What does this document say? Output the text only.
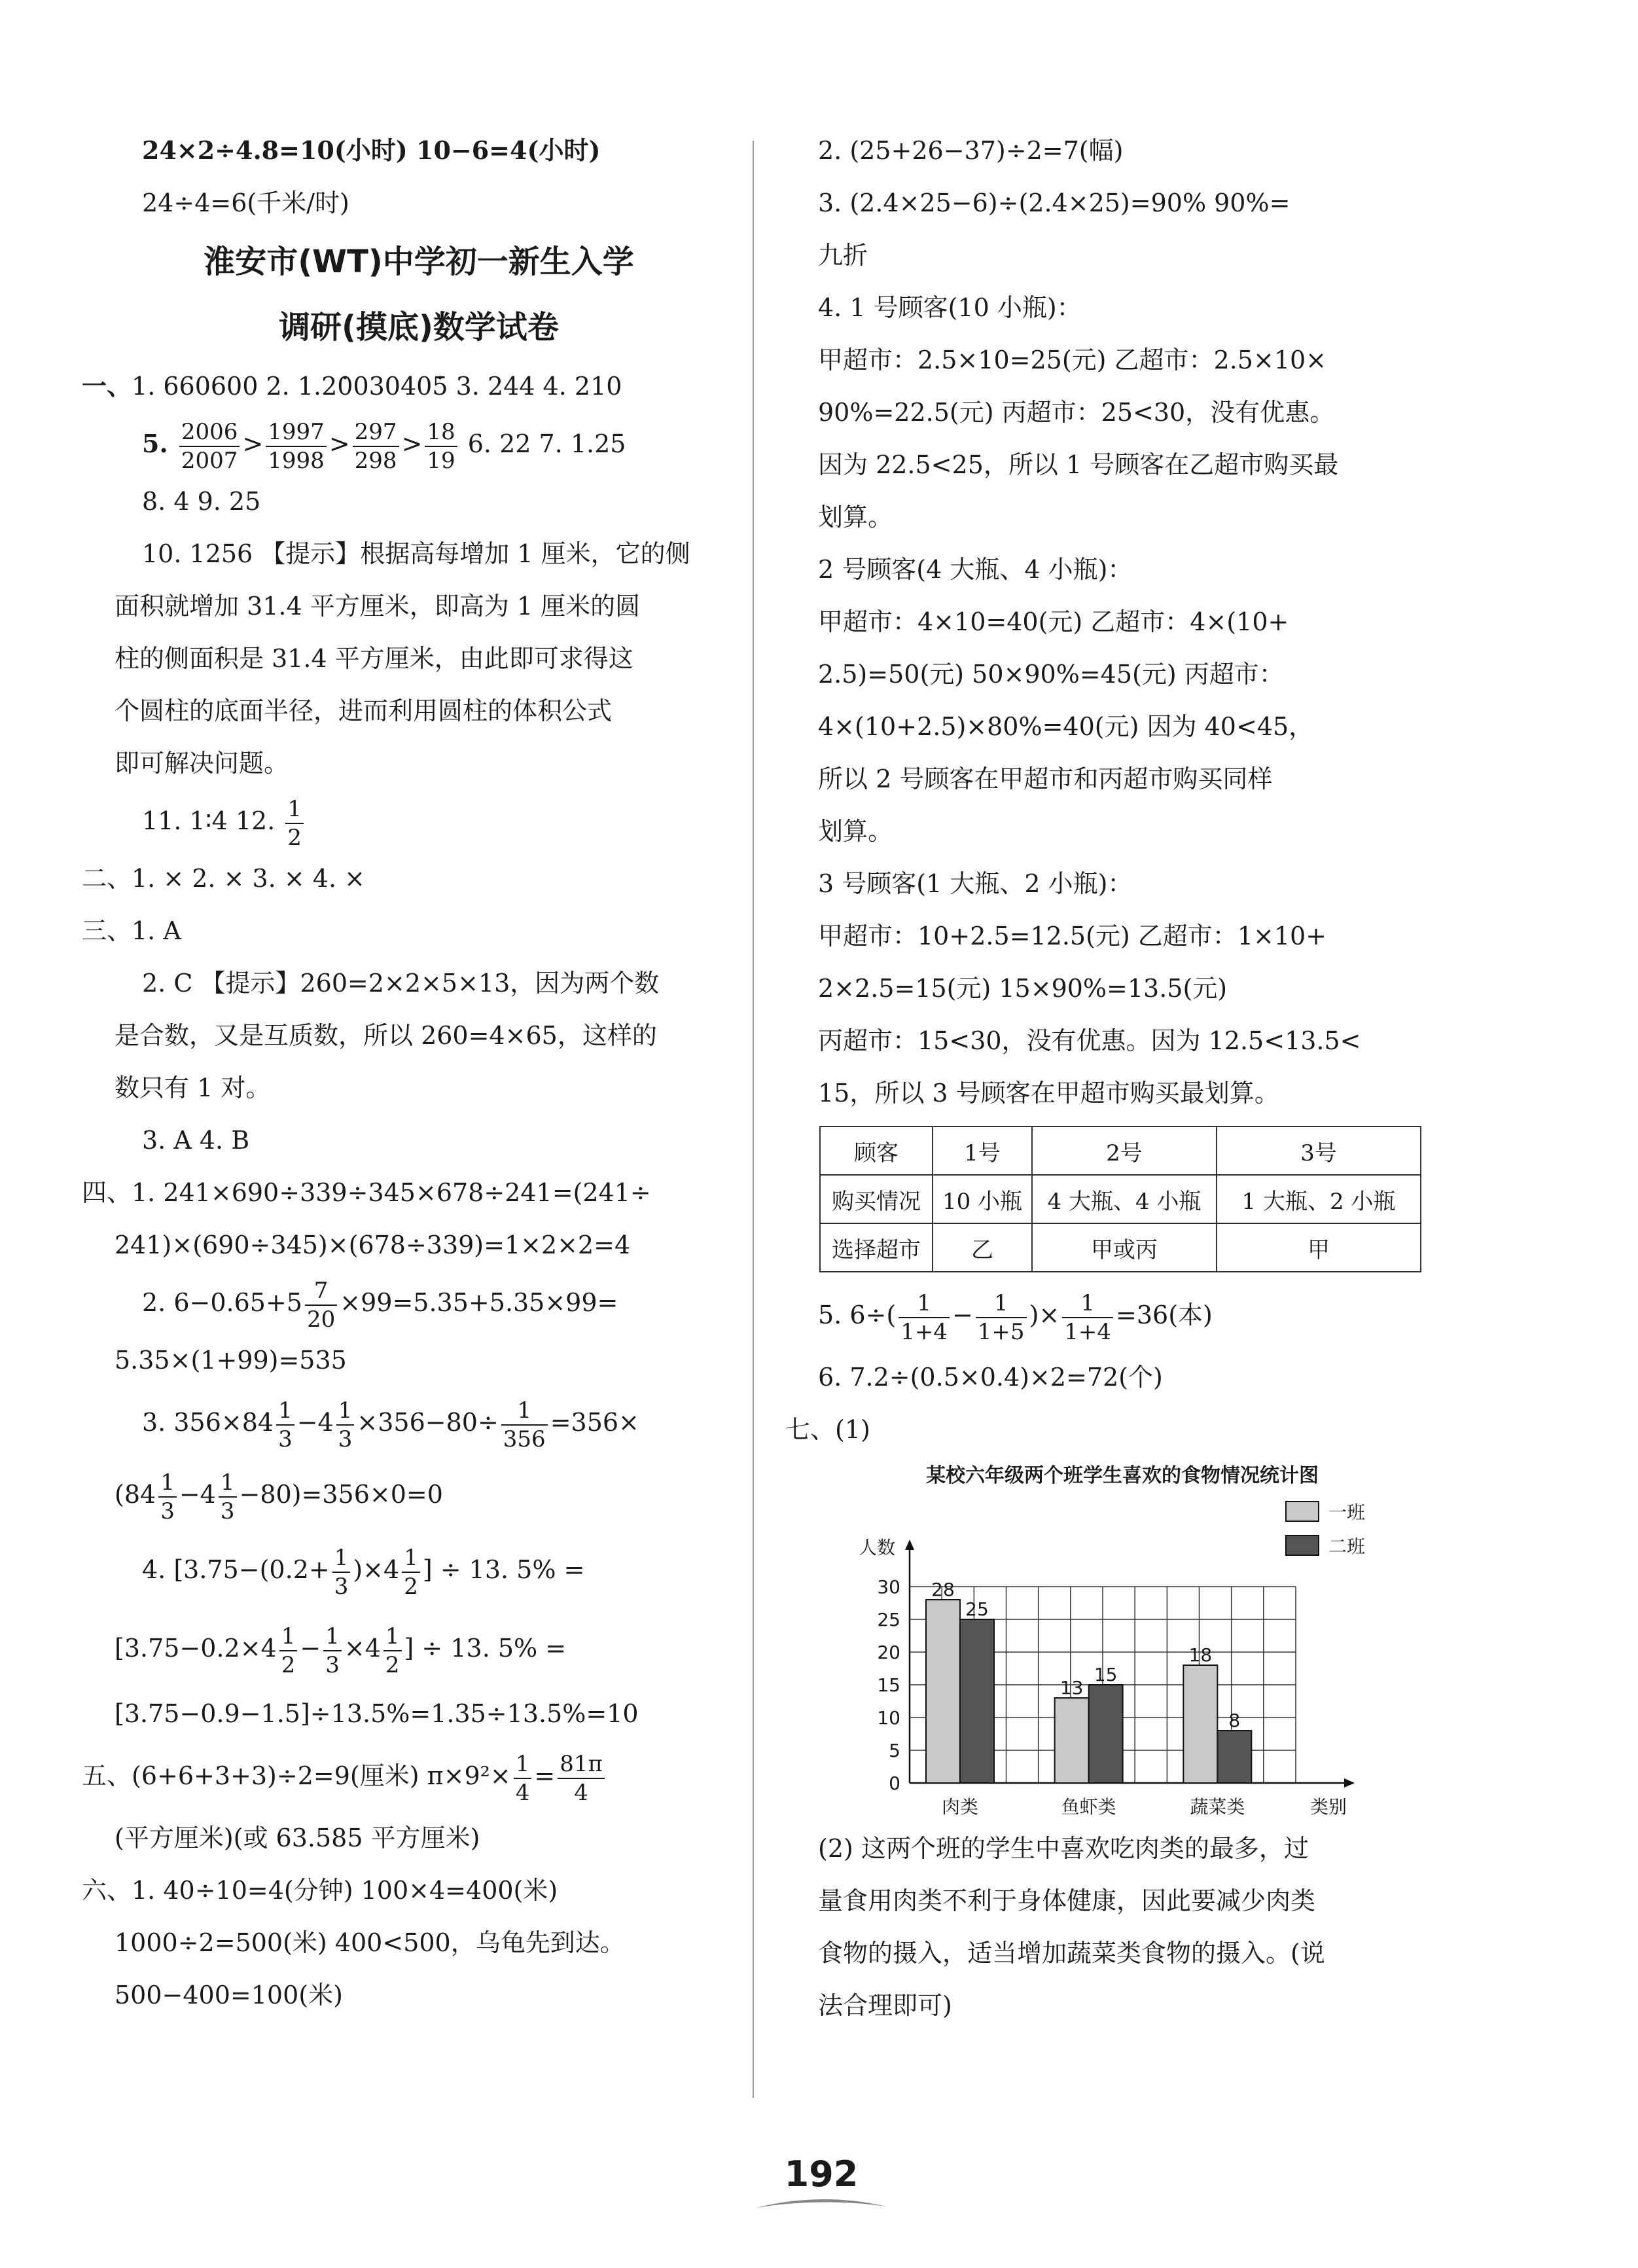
24×2÷4.8=10(小时) 10−6=4(小时)
24÷4=6(千米/时)
淮安市(WT)中学初一新生入学
调研(摸底)数学试卷
一、1. 660600 2. 1.20 ·030405 · 3. 244 4. 210
5. $\frac{2006}{2007} > \frac{1997}{1998} > \frac{297}{298} > \frac{18}{19} 6$. 22 7. 1.25
8. 4 9. 25
10. 1256 【提示】根据高每增加 1 厘米，它的侧
面积就增加 31.4 平方厘米，即高为 1 厘米的圆
柱的侧面积是 31.4 平方厘米，由此即可求得这
个圆柱的底面半径，进而利用圆柱的体积公式
即可解决问题。
11. 1∶4 12. $\frac{1}{2}$
二、1. × 2. × 3. × 4. ×
三、1. A
2. C 【提示】260=2×2×5×13，因为两个数
是合数，又是互质数，所以 260=4×65，这样的
数只有 1 对。
3. A 4. B
四、1. 241×690÷339÷345×678÷241=(241÷
241)×(690÷345)×(678÷339)=1×2×2=4
2. $6-0.65+5 \frac{7}{20} \times 99=5.35+5.35\times 99=$
5.35×(1+99)=535
3. $356\times 84 \frac{1}{3} -4 \frac{1}{3} \times 356-80\div \frac{1}{356} =356\times$
$(84 \frac{1}{3} -4 \frac{1}{3} -80)=356\times 0=0$
4. [$3.75-(0.2+ \frac{1}{3} )\times 4 \frac{1}{2}$ ] ÷ 13. 5% =
[$3.75-0.2\times 4 \frac{1}{2} - \frac{1}{3} \times 4 \frac{1}{2}$ ] ÷ 13. 5% =
[3.75−0.9−1.5]÷13.5%=1.35÷13.5%=10
五、(6+6+3+3)÷2=9(厘米) $\pi\times 9^2\times \frac{1}{4} = \frac{81\pi}{4}$
(平方厘米)(或 63.585 平方厘米)
六、1. 40÷10=4(分钟) 100×4=400(米)
1000÷2=500(米) 400<500，乌龟先到达。
500−400=100(米)
2. (25+26−37)÷2=7(幅)
3. (2.4×25−6)÷(2.4×25)=90% 90%=
九折
4. 1 号顾客(10 小瓶)：
甲超市：2.5×10=25(元) 乙超市：2.5×10×
90%=22.5(元) 丙超市：25<30，没有优惠。
因为 22.5<25，所以 1 号顾客在乙超市购买最
划算。
2 号顾客(4 大瓶、4 小瓶)：
甲超市：4×10=40(元) 乙超市：4×(10+
2.5)=50(元) 50×90%=45(元) 丙超市：
4×(10+2.5)×80%=40(元) 因为 40<45，
所以 2 号顾客在甲超市和丙超市购买同样
划算。
3 号顾客(1 大瓶、2 小瓶)：
甲超市：10+2.5=12.5(元) 乙超市：1×10+
2×2.5=15(元) 15×90%=13.5(元)
丙超市：15<30，没有优惠。因为 12.5<13.5<
15，所以 3 号顾客在甲超市购买最划算。
顾客	1号	2号	3号
购买情况	10 小瓶	4 大瓶、4 小瓶	1 大瓶、2 小瓶
选择超市	乙	甲或丙	甲
5. $6\div( \frac{1}{1+4} - \frac{1}{1+5}$ )× $\frac{1}{1+4} =36$(本)
6. 7.2÷(0.5×0.4)×2=72(个)
七、(1)
某校六年级两个班学生喜欢的食物情况统计图
0
5
10
15
20
25
30
人数
类别
28
25
肉类
13
15
鱼虾类
18
8
蔬菜类
一班
二班
(2) 这两个班的学生中喜欢吃肉类的最多，过
量食用肉类不利于身体健康，因此要减少肉类
食物的摄入，适当增加蔬菜类食物的摄入。(说
法合理即可)
192
